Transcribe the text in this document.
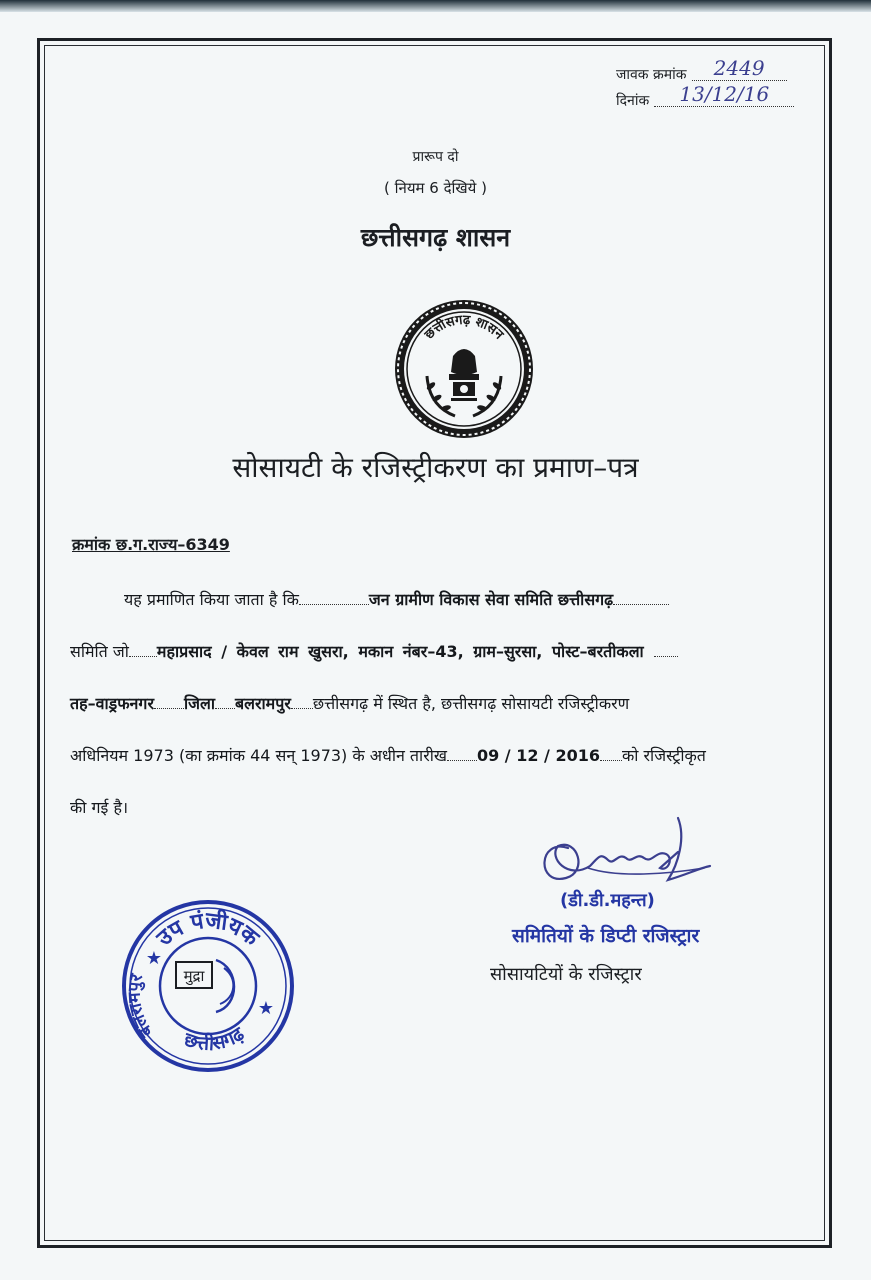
जावक क्रमांक 2449
दिनांक 13/12/16
प्रारूप दो
( नियम 6 देखिये )
छत्तीसगढ़ शासन
छत्तीसगढ़ शासन
सोसायटी के रजिस्ट्रीकरण का प्रमाण–पत्र
क्रमांक छ.ग.राज्य–6349
यह प्रमाणित किया जाता है कि	जन ग्रामीण विकास सेवा समिति छत्तीसगढ़
समिति जो महाप्रसाद / केवल राम खुसरा, मकान नंबर–43, ग्राम–सुरसा, पोस्ट–बरतीकला
तह–वाड्रफनगर जिला बलरामपुर छत्तीसगढ़ में स्थित है, छत्तीसगढ़ सोसायटी रजिस्ट्रीकरण
अधिनियम 1973 (का क्रमांक 44 सन् 1973) के अधीन तारीख 09 / 12 / 2016 को रजिस्ट्रीकृत
की गई है।
(डी.डी.महन्त)
समितियों के डिप्टी रजिस्ट्रार
सोसायटियों के रजिस्ट्रार
उप पंजीयक
बलरामपुर
छत्तीसगढ़
★
★
मुद्रा
